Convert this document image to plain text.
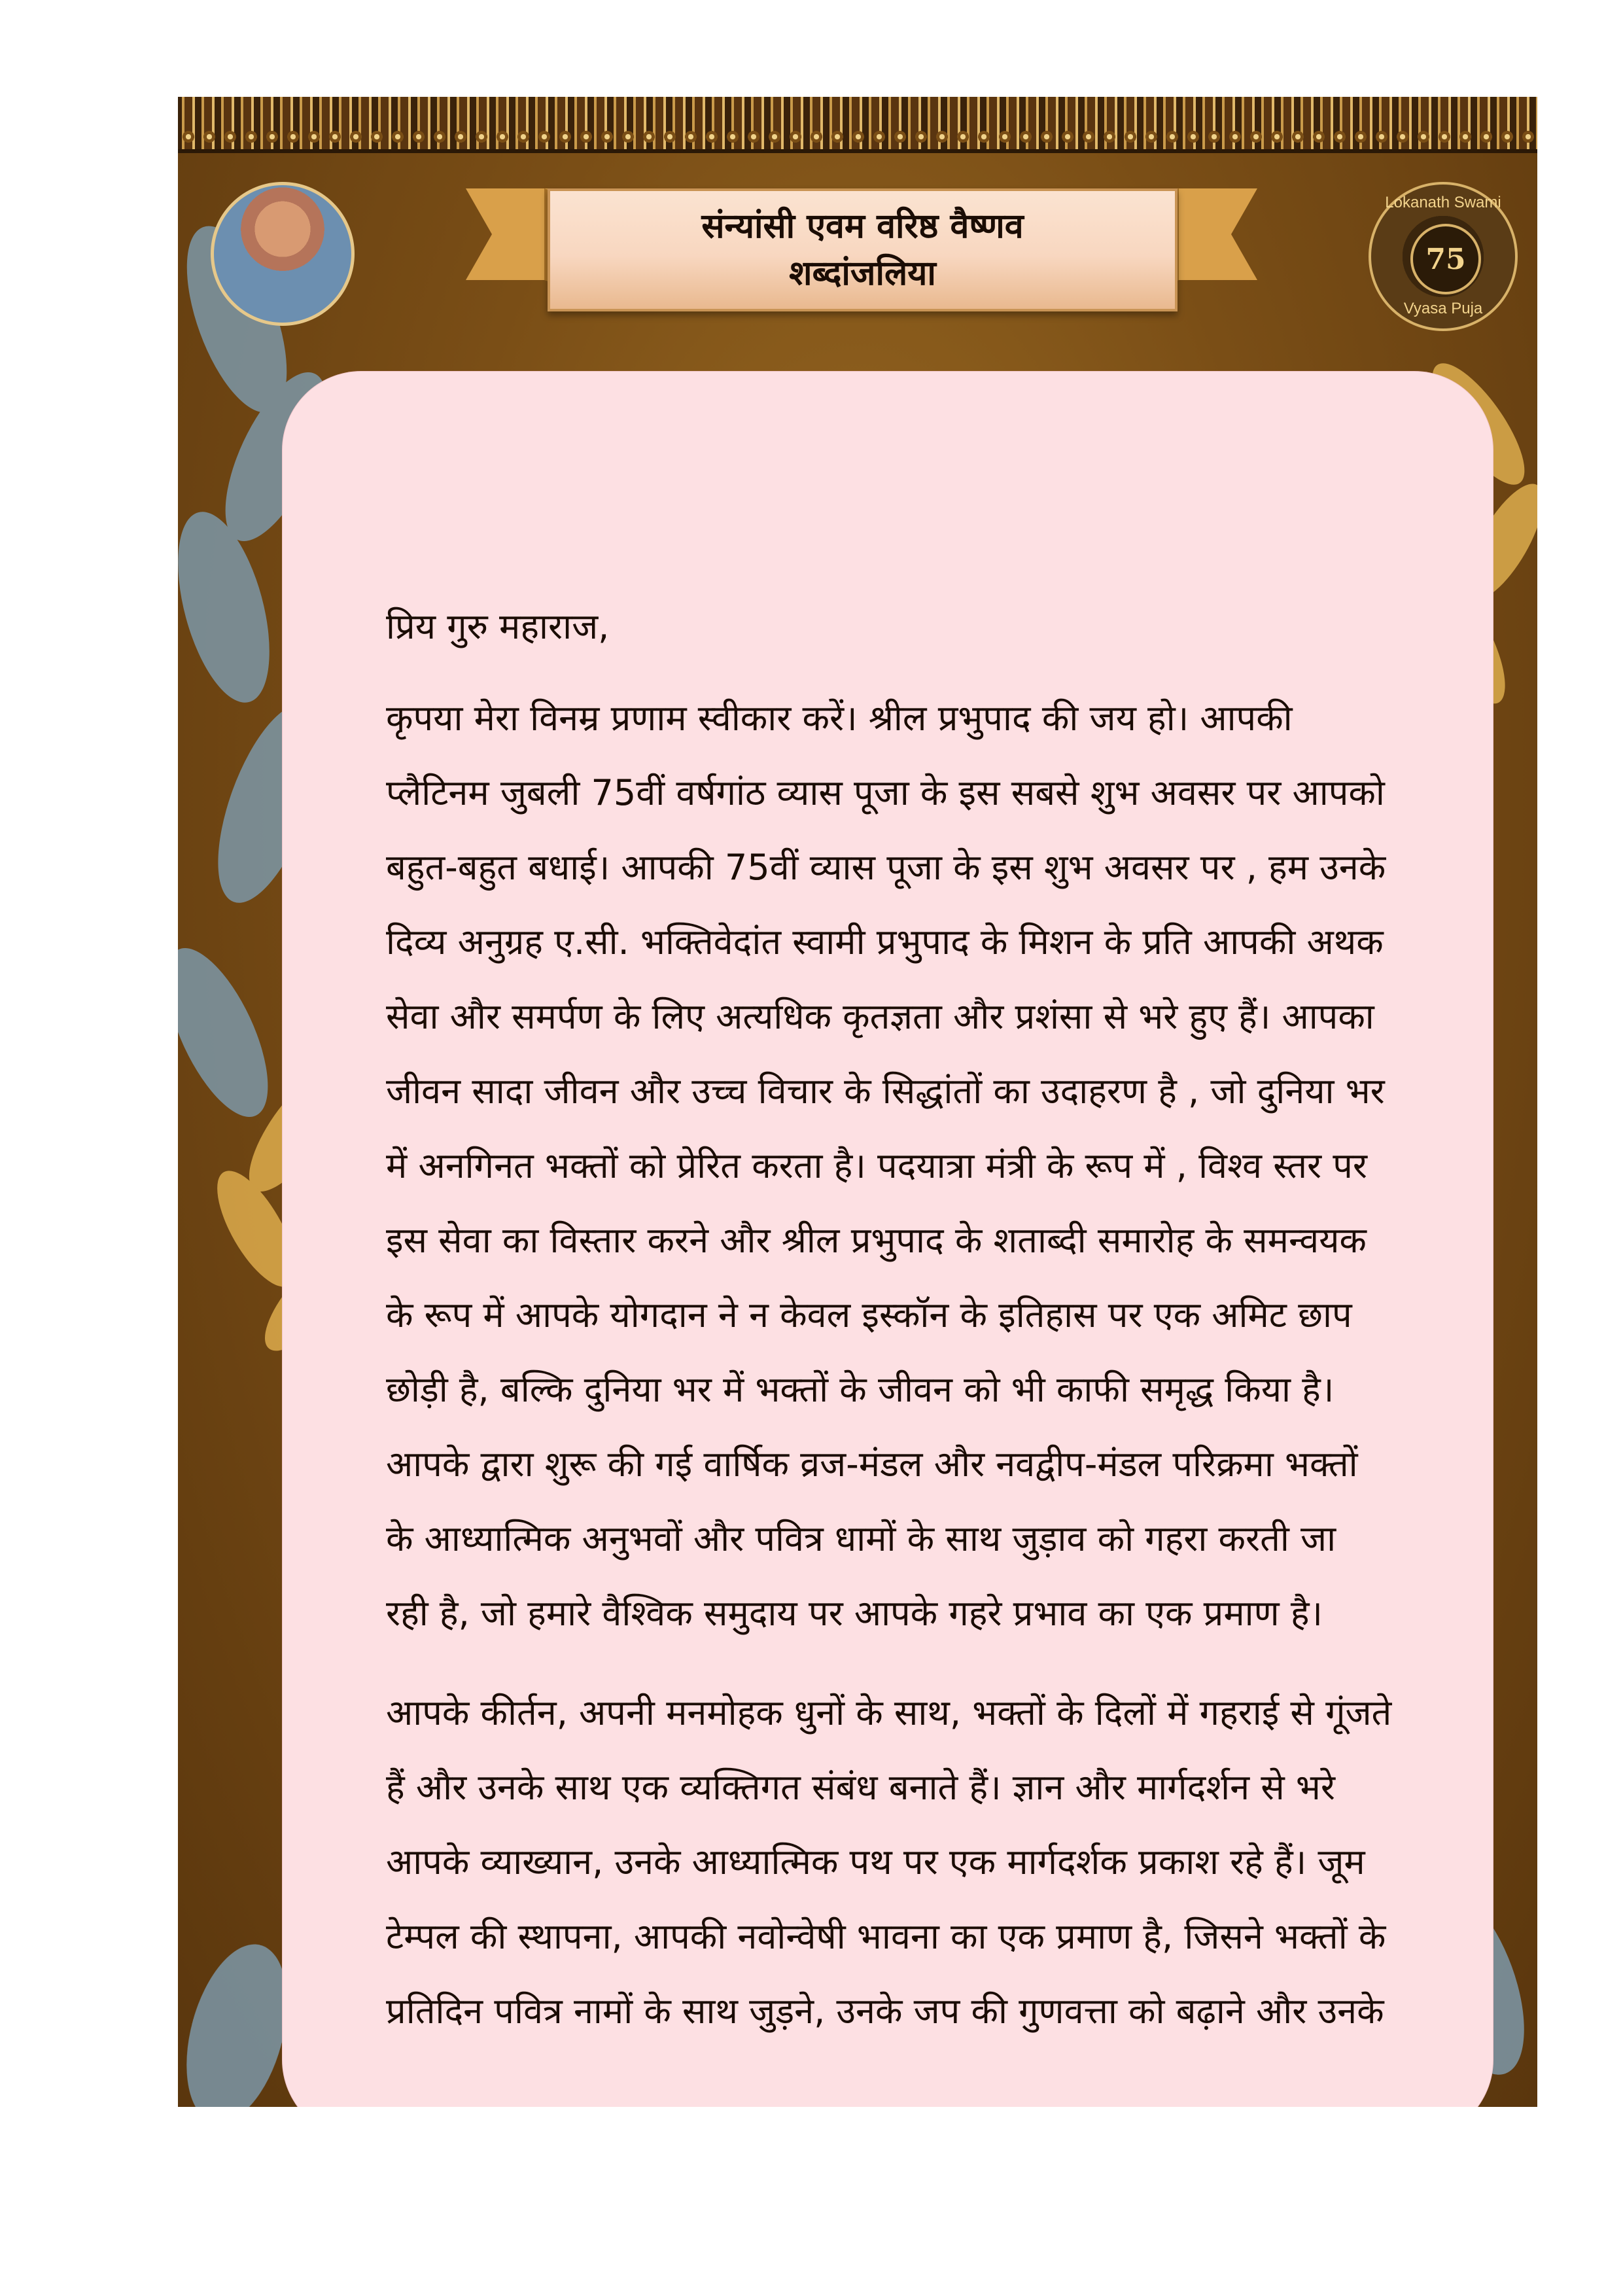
संन्यांसी एवम वरिष्ठ वैष्णव
शब्दांजलिया
Lokanath Swami
75
Vyasa Puja
प्रिय गुरु महाराज,
कृपया मेरा विनम्र प्रणाम स्वीकार करें। श्रील प्रभुपाद की जय हो। आपकी
प्लैटिनम जुबली 75वीं वर्षगांठ व्यास पूजा के इस सबसे शुभ अवसर पर आपको
बहुत-बहुत बधाई। आपकी 75वीं व्यास पूजा के इस शुभ अवसर पर , हम उनके
दिव्य अनुग्रह ए.सी. भक्तिवेदांत स्वामी प्रभुपाद के मिशन के प्रति आपकी अथक
सेवा और समर्पण के लिए अत्यधिक कृतज्ञता और प्रशंसा से भरे हुए हैं। आपका
जीवन सादा जीवन और उच्च विचार के सिद्धांतों का उदाहरण है , जो दुनिया भर
में अनगिनत भक्तों को प्रेरित करता है। पदयात्रा मंत्री के रूप में , विश्व स्तर पर
इस सेवा का विस्तार करने और श्रील प्रभुपाद के शताब्दी समारोह के समन्वयक
के रूप में आपके योगदान ने न केवल इस्कॉन के इतिहास पर एक अमिट छाप
छोड़ी है, बल्कि दुनिया भर में भक्तों के जीवन को भी काफी समृद्ध किया है।
आपके द्वारा शुरू की गई वार्षिक व्रज-मंडल और नवद्वीप-मंडल परिक्रमा भक्तों
के आध्यात्मिक अनुभवों और पवित्र धामों के साथ जुड़ाव को गहरा करती जा
रही है, जो हमारे वैश्विक समुदाय पर आपके गहरे प्रभाव का एक प्रमाण है।
आपके कीर्तन, अपनी मनमोहक धुनों के साथ, भक्तों के दिलों में गहराई से गूंजते
हैं और उनके साथ एक व्यक्तिगत संबंध बनाते हैं। ज्ञान और मार्गदर्शन से भरे
आपके व्याख्यान, उनके आध्यात्मिक पथ पर एक मार्गदर्शक प्रकाश रहे हैं। जूम
टेम्पल की स्थापना, आपकी नवोन्वेषी भावना का एक प्रमाण है, जिसने भक्तों के
प्रतिदिन पवित्र नामों के साथ जुड़ने, उनके जप की गुणवत्ता को बढ़ाने और उनके
